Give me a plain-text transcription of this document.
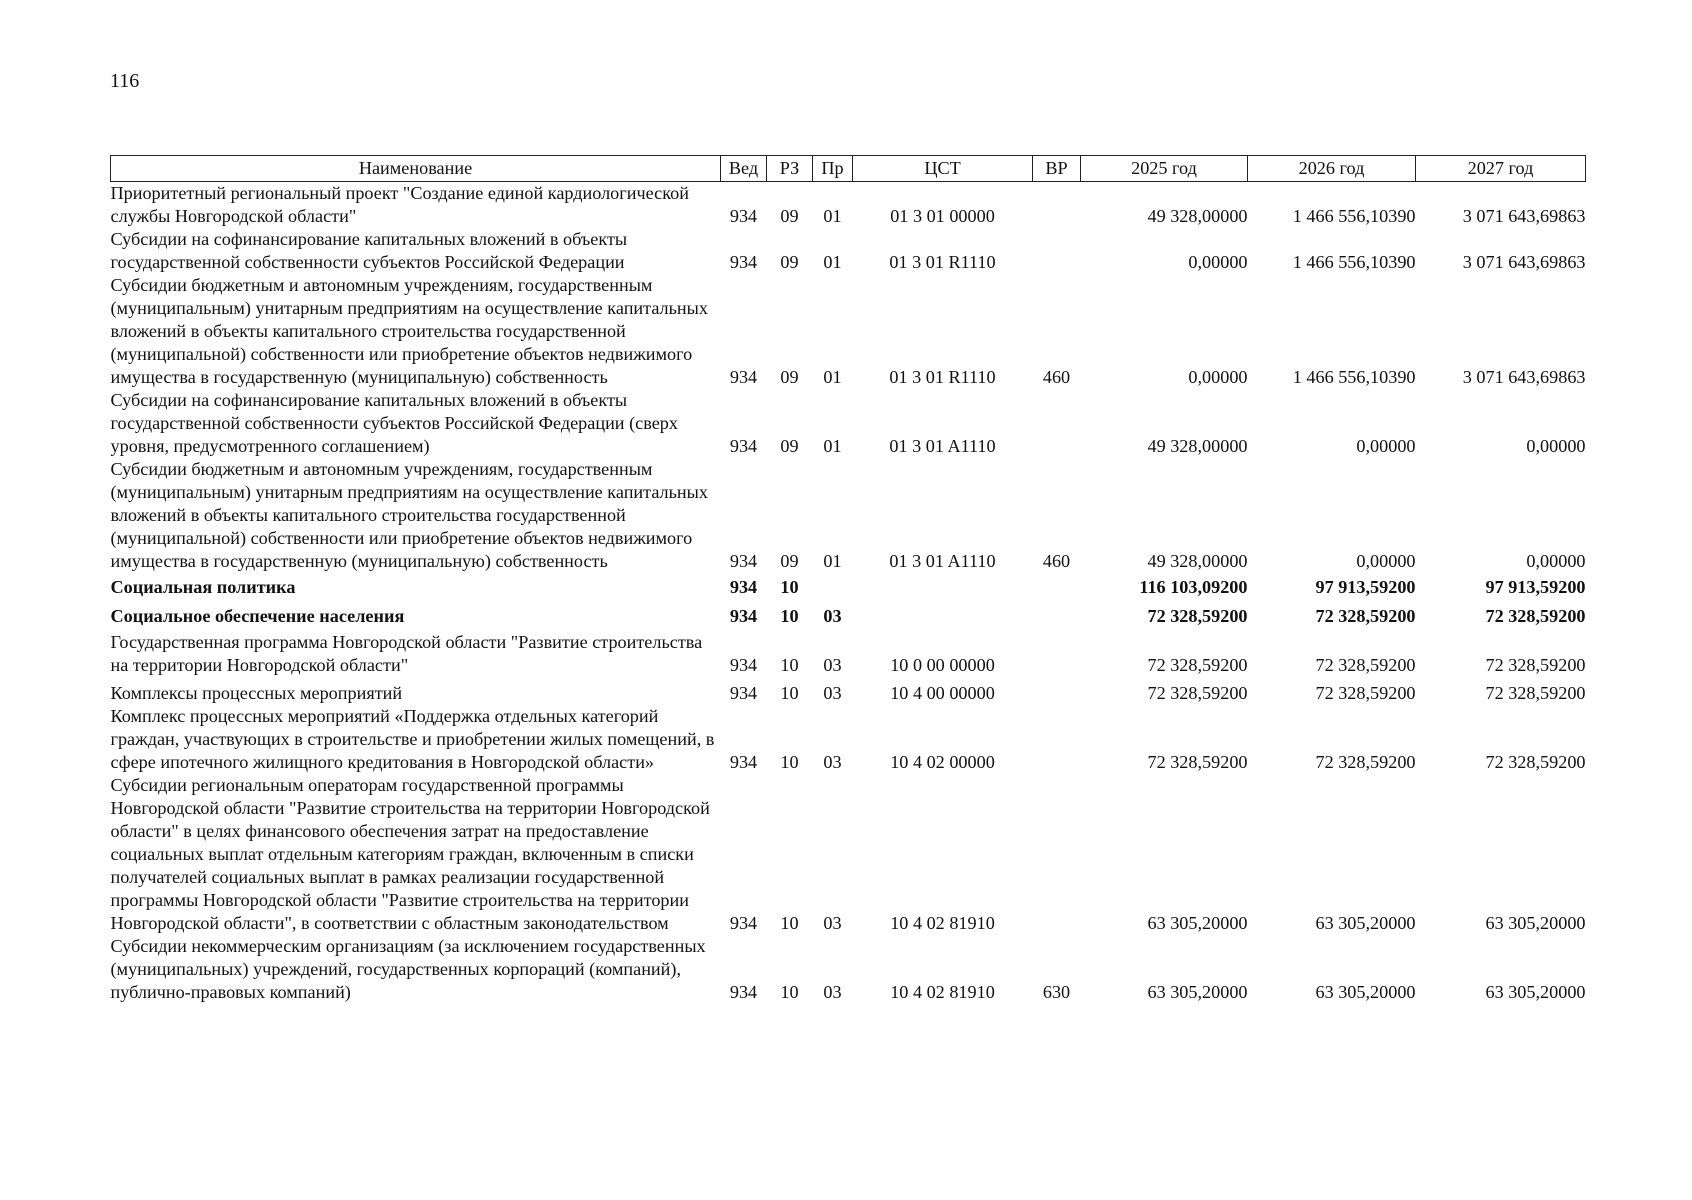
116
Наименование	Вед	РЗ	Пр	ЦСТ	ВР	2025 год	2026 год	2027 год
Приоритетный региональный проект "Создание единой кардиологической службы Новгородской области"	934	09	01	01 3 01 00000		49 328,00000	1 466 556,10390	3 071 643,69863
Субсидии на софинансирование капитальных вложений в объекты государственной собственности субъектов Российской Федерации	934	09	01	01 3 01 R1110		0,00000	1 466 556,10390	3 071 643,69863
Субсидии бюджетным и автономным учреждениям, государственным (муниципальным) унитарным предприятиям на осуществление капитальных вложений в объекты капитального строительства государственной (муниципальной) собственности или приобретение объектов недвижимого имущества в государственную (муниципальную) собственность	934	09	01	01 3 01 R1110	460	0,00000	1 466 556,10390	3 071 643,69863
Субсидии на софинансирование капитальных вложений в объекты государственной собственности субъектов Российской Федерации (сверх уровня, предусмотренного соглашением)	934	09	01	01 3 01 A1110		49 328,00000	0,00000	0,00000
Субсидии бюджетным и автономным учреждениям, государственным (муниципальным) унитарным предприятиям на осуществление капитальных вложений в объекты капитального строительства государственной (муниципальной) собственности или приобретение объектов недвижимого имущества в государственную (муниципальную) собственность	934	09	01	01 3 01 A1110	460	49 328,00000	0,00000	0,00000
Социальная политика	934	10				116 103,09200	97 913,59200	97 913,59200
Социальное обеспечение населения	934	10	03			72 328,59200	72 328,59200	72 328,59200
Государственная программа Новгородской области "Развитие строительства на территории Новгородской области"	934	10	03	10 0 00 00000		72 328,59200	72 328,59200	72 328,59200
Комплексы процессных мероприятий	934	10	03	10 4 00 00000		72 328,59200	72 328,59200	72 328,59200
Комплекс процессных мероприятий «Поддержка отдельных категорий граждан, участвующих в строительстве и приобретении жилых помещений, в сфере ипотечного жилищного кредитования в Новгородской области»	934	10	03	10 4 02 00000		72 328,59200	72 328,59200	72 328,59200
Субсидии региональным операторам государственной программы Новгородской области "Развитие строительства на территории Новгородской области" в целях финансового обеспечения затрат на предоставление социальных выплат отдельным категориям граждан, включенным в списки получателей социальных выплат в рамках реализации государственной программы Новгородской области "Развитие строительства на территории Новгородской области", в соответствии с областным законодательством	934	10	03	10 4 02 81910		63 305,20000	63 305,20000	63 305,20000
Субсидии некоммерческим организациям (за исключением государственных (муниципальных) учреждений, государственных корпораций (компаний), публично-правовых компаний)	934	10	03	10 4 02 81910	630	63 305,20000	63 305,20000	63 305,20000
